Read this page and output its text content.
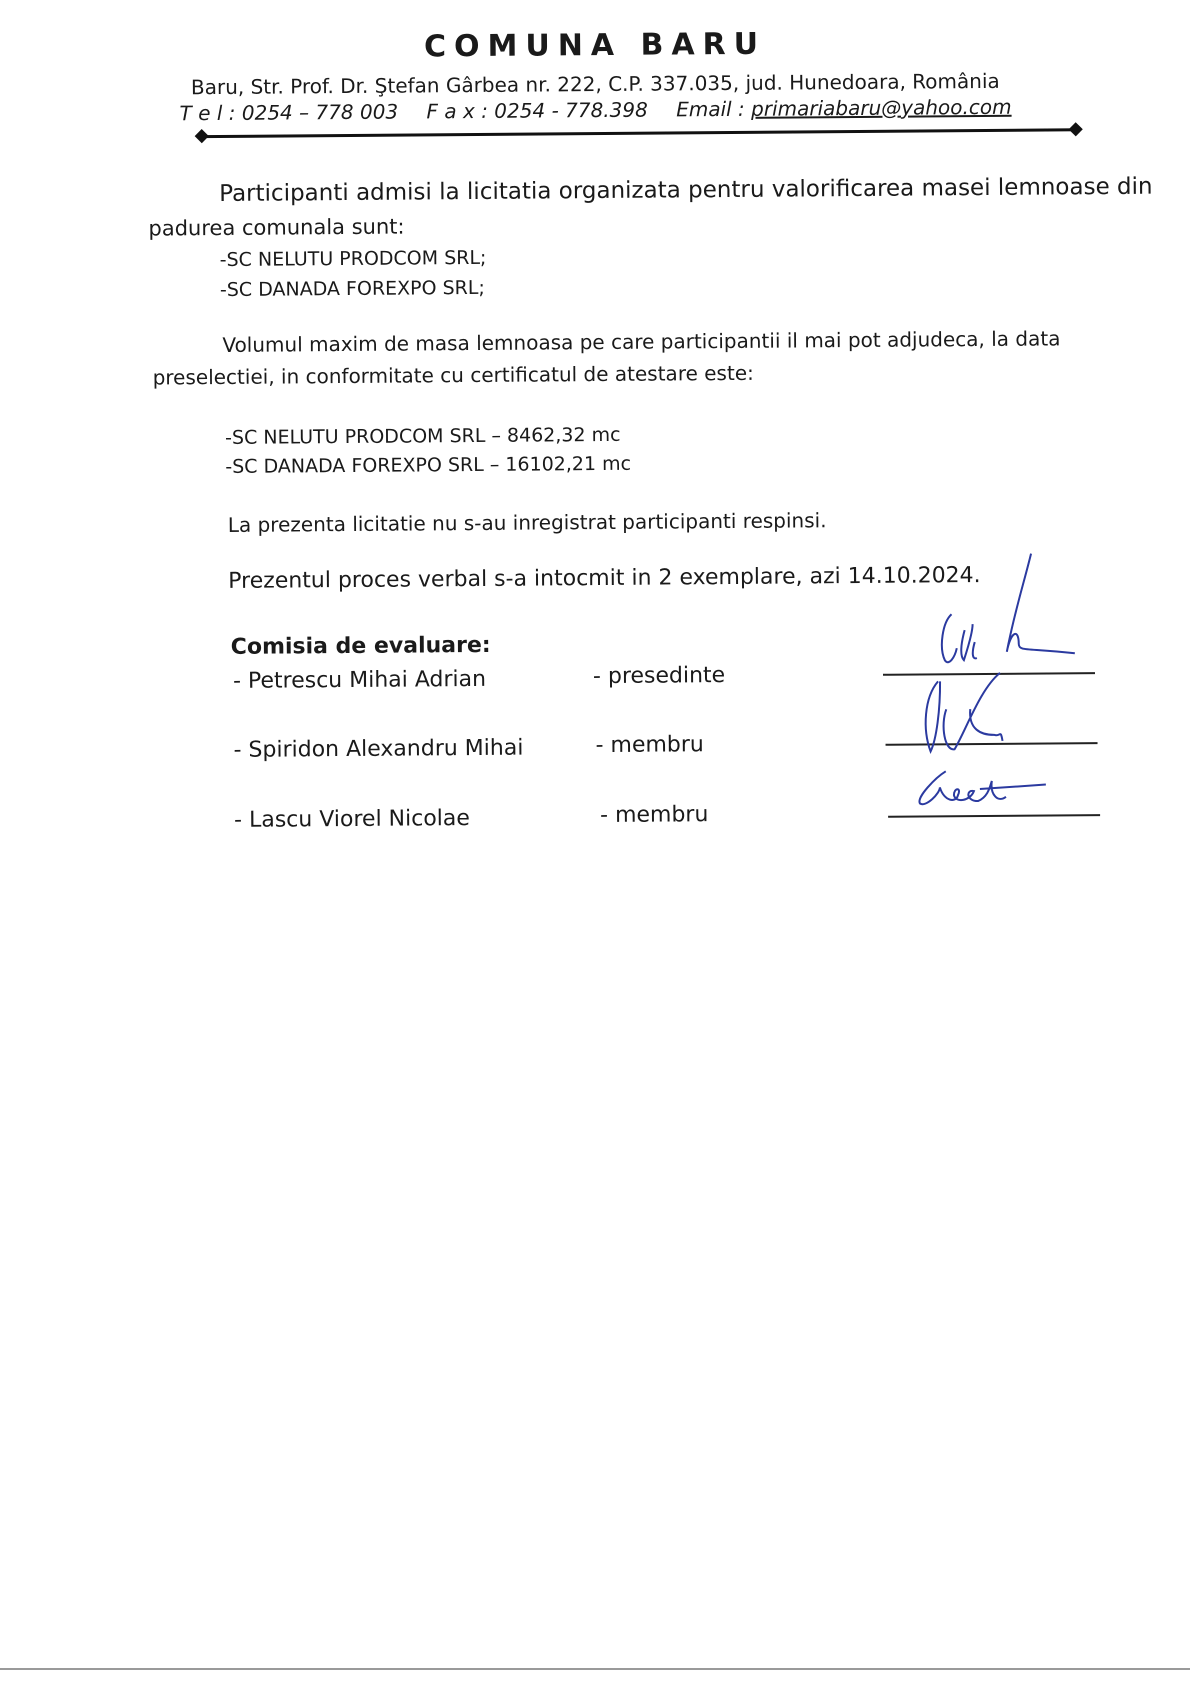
COMUNA BARU
Baru, Str. Prof. Dr. Ştefan Gârbea nr. 222, C.P. 337.035, jud. Hunedoara, România
T e l : 0254 – 778 003 F a x : 0254 - 778.398 Email : primariabaru@yahoo.com
Participanti admisi la licitatia organizata pentru valorificarea masei lemnoase din
padurea comunala sunt:
-SC NELUTU PRODCOM SRL;
-SC DANADA FOREXPO SRL;
Volumul maxim de masa lemnoasa pe care participantii il mai pot adjudeca, la data
preselectiei, in conformitate cu certificatul de atestare este:
-SC NELUTU PRODCOM SRL – 8462,32 mc
-SC DANADA FOREXPO SRL – 16102,21 mc
La prezenta licitatie nu s-au inregistrat participanti respinsi.
Prezentul proces verbal s-a intocmit in 2 exemplare, azi 14.10.2024.
Comisia de evaluare:
- Petrescu Mihai Adrian	- presedinte
- Spiridon Alexandru Mihai	- membru
- Lascu Viorel Nicolae	- membru
